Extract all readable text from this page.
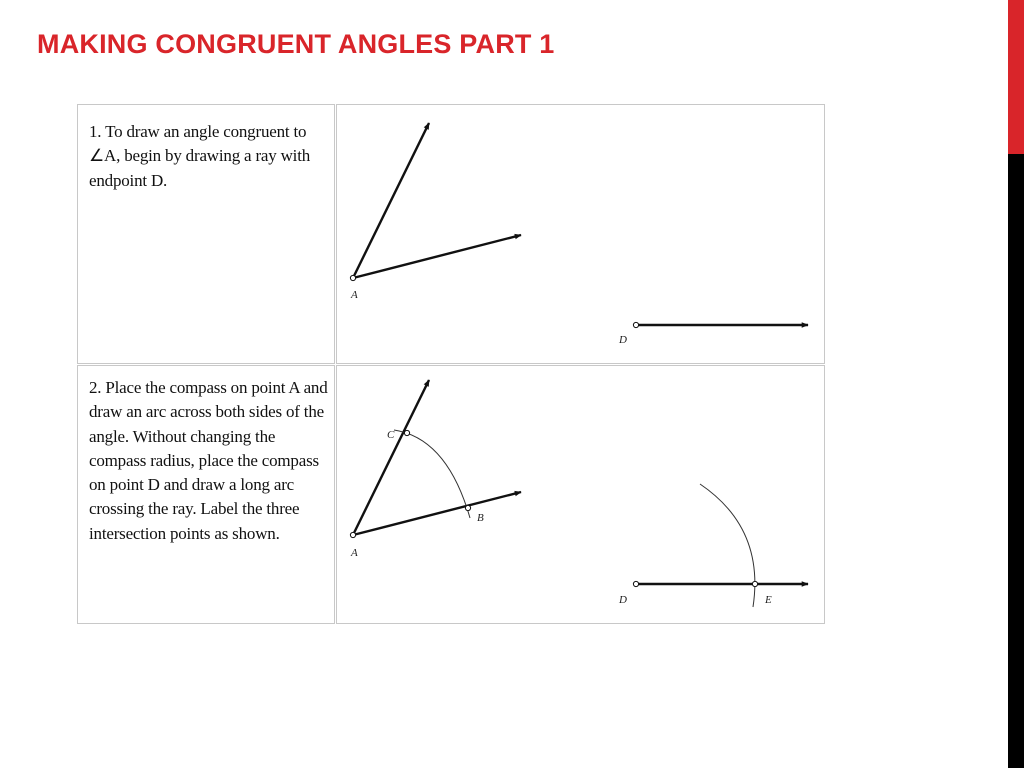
MAKING CONGRUENT ANGLES PART 1
1. To draw an angle congruent to ∠A, begin by drawing a ray with endpoint D.
A
D
2. Place the compass on point A and draw an arc across both sides of the angle. Without changing the compass radius, place the compass on point D and draw a long arc crossing the ray. Label the three intersection points as shown.
A
C
B
D	E
